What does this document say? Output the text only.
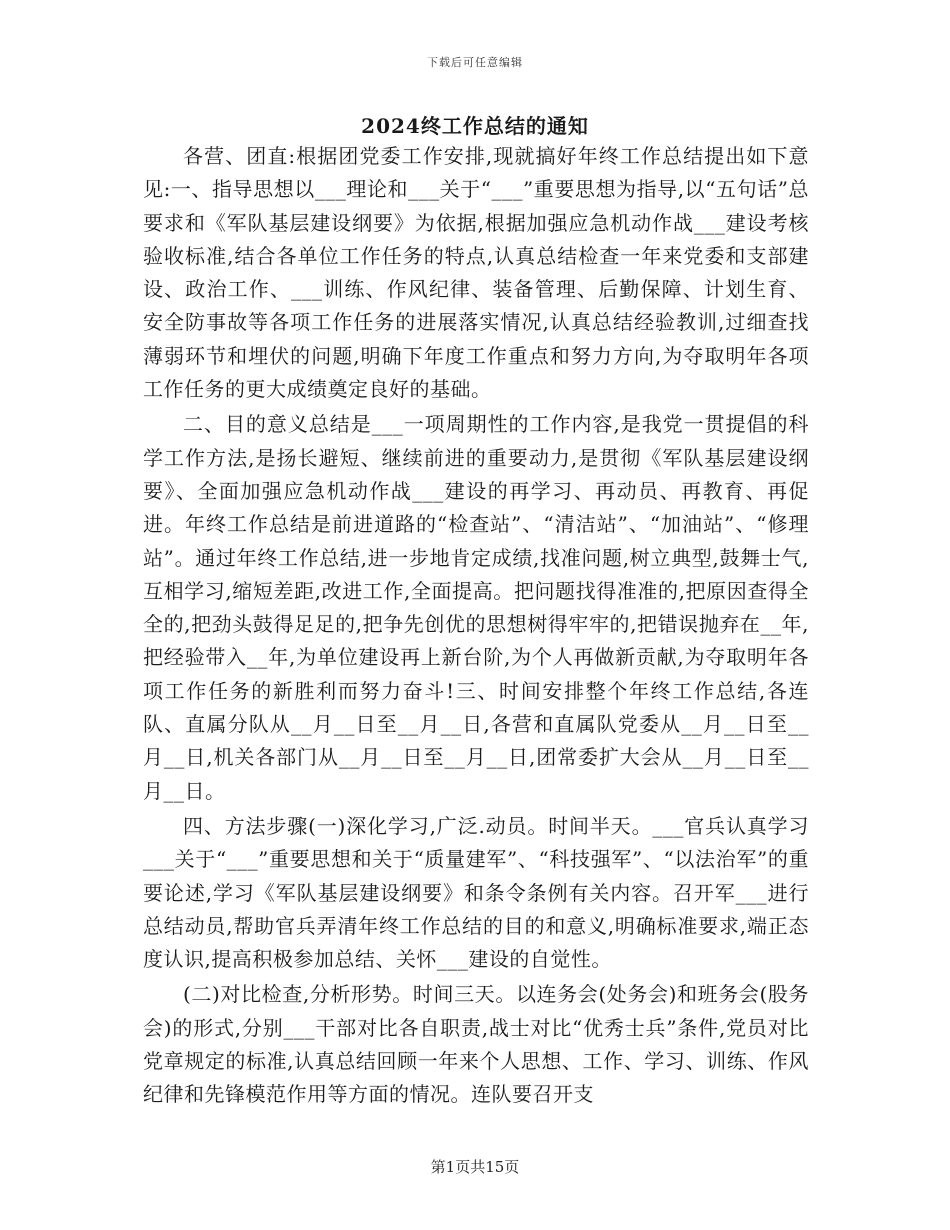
下载后可任意编辑
2024终工作总结的通知

各营、团直:根据团党委工作安排,现就搞好年终工作总结提出如下意见:一、指导思想以___理论和___关于“___”重要思想为指导,以“五句话”总要求和《军队基层建设纲要》为依据,根据加强应急机动作战___建设考核验收标准,结合各单位工作任务的特点,认真总结检查一年来党委和支部建设、政治工作、___训练、作风纪律、装备管理、后勤保障、计划生育、安全防事故等各项工作任务的进展落实情况,认真总结经验教训,过细查找薄弱环节和埋伏的问题,明确下年度工作重点和努力方向,为夺取明年各项工作任务的更大成绩奠定良好的基础。

二、目的意义总结是___一项周期性的工作内容,是我党一贯提倡的科学工作方法,是扬长避短、继续前进的重要动力,是贯彻《军队基层建设纲要》、全面加强应急机动作战___建设的再学习、再动员、再教育、再促进。年终工作总结是前进道路的“检查站”、“清洁站”、“加油站”、“修理站”。通过年终工作总结,进一步地肯定成绩,找准问题,树立典型,鼓舞士气,互相学习,缩短差距,改进工作,全面提高。把问题找得准准的,把原因查得全全的,把劲头鼓得足足的,把争先创优的思想树得牢牢的,把错误抛弃在__年,把经验带入__年,为单位建设再上新台阶,为个人再做新贡献,为夺取明年各项工作任务的新胜利而努力奋斗!三、时间安排整个年终工作总结,各连队、直属分队从__月__日至__月__日,各营和直属队党委从__月__日至__月__日,机关各部门从__月__日至__月__日,团常委扩大会从__月__日至__月__日。

四、方法步骤(一)深化学习,广泛.动员。时间半天。___官兵认真学习___关于“___”重要思想和关于“质量建军”、“科技强军”、“以法治军”的重要论述,学习《军队基层建设纲要》和条令条例有关内容。召开军___进行总结动员,帮助官兵弄清年终工作总结的目的和意义,明确标准要求,端正态度认识,提高积极参加总结、关怀___建设的自觉性。

(二)对比检查,分析形势。时间三天。以连务会(处务会)和班务会(股务会)的形式,分别___干部对比各自职责,战士对比“优秀士兵”条件,党员对比党章规定的标准,认真总结回顾一年来个人思想、工作、学习、训练、作风纪律和先锋模范作用等方面的情况。连队要召开支

第1页共15页
